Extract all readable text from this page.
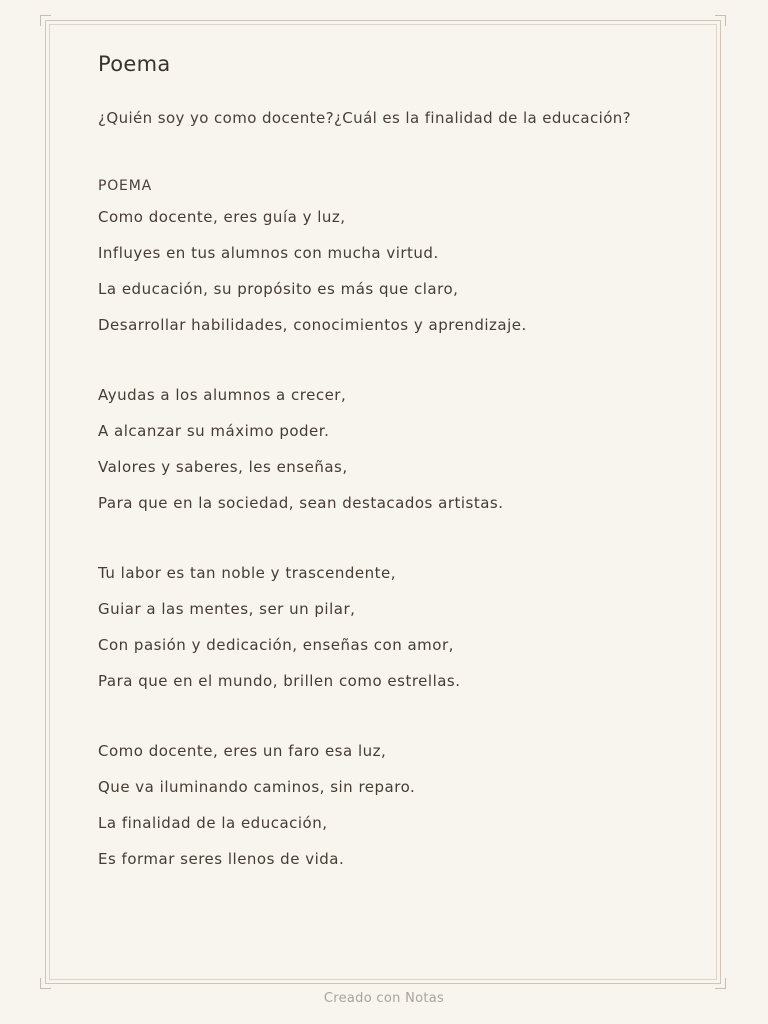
Poema

¿Quién soy yo como docente?¿Cuál es la finalidad de la educación?

POEMA

Como docente, eres guía y luz,

Influyes en tus alumnos con mucha virtud.

La educación, su propósito es más que claro,

Desarrollar habilidades, conocimientos y aprendizaje.

Ayudas a los alumnos a crecer,

A alcanzar su máximo poder.

Valores y saberes, les enseñas,

Para que en la sociedad, sean destacados artistas.

Tu labor es tan noble y trascendente,

Guiar a las mentes, ser un pilar,

Con pasión y dedicación, enseñas con amor,

Para que en el mundo, brillen como estrellas.

Como docente, eres un faro esa luz,

Que va iluminando caminos, sin reparo.

La finalidad de la educación,

Es formar seres llenos de vida.

Creado con Notas
